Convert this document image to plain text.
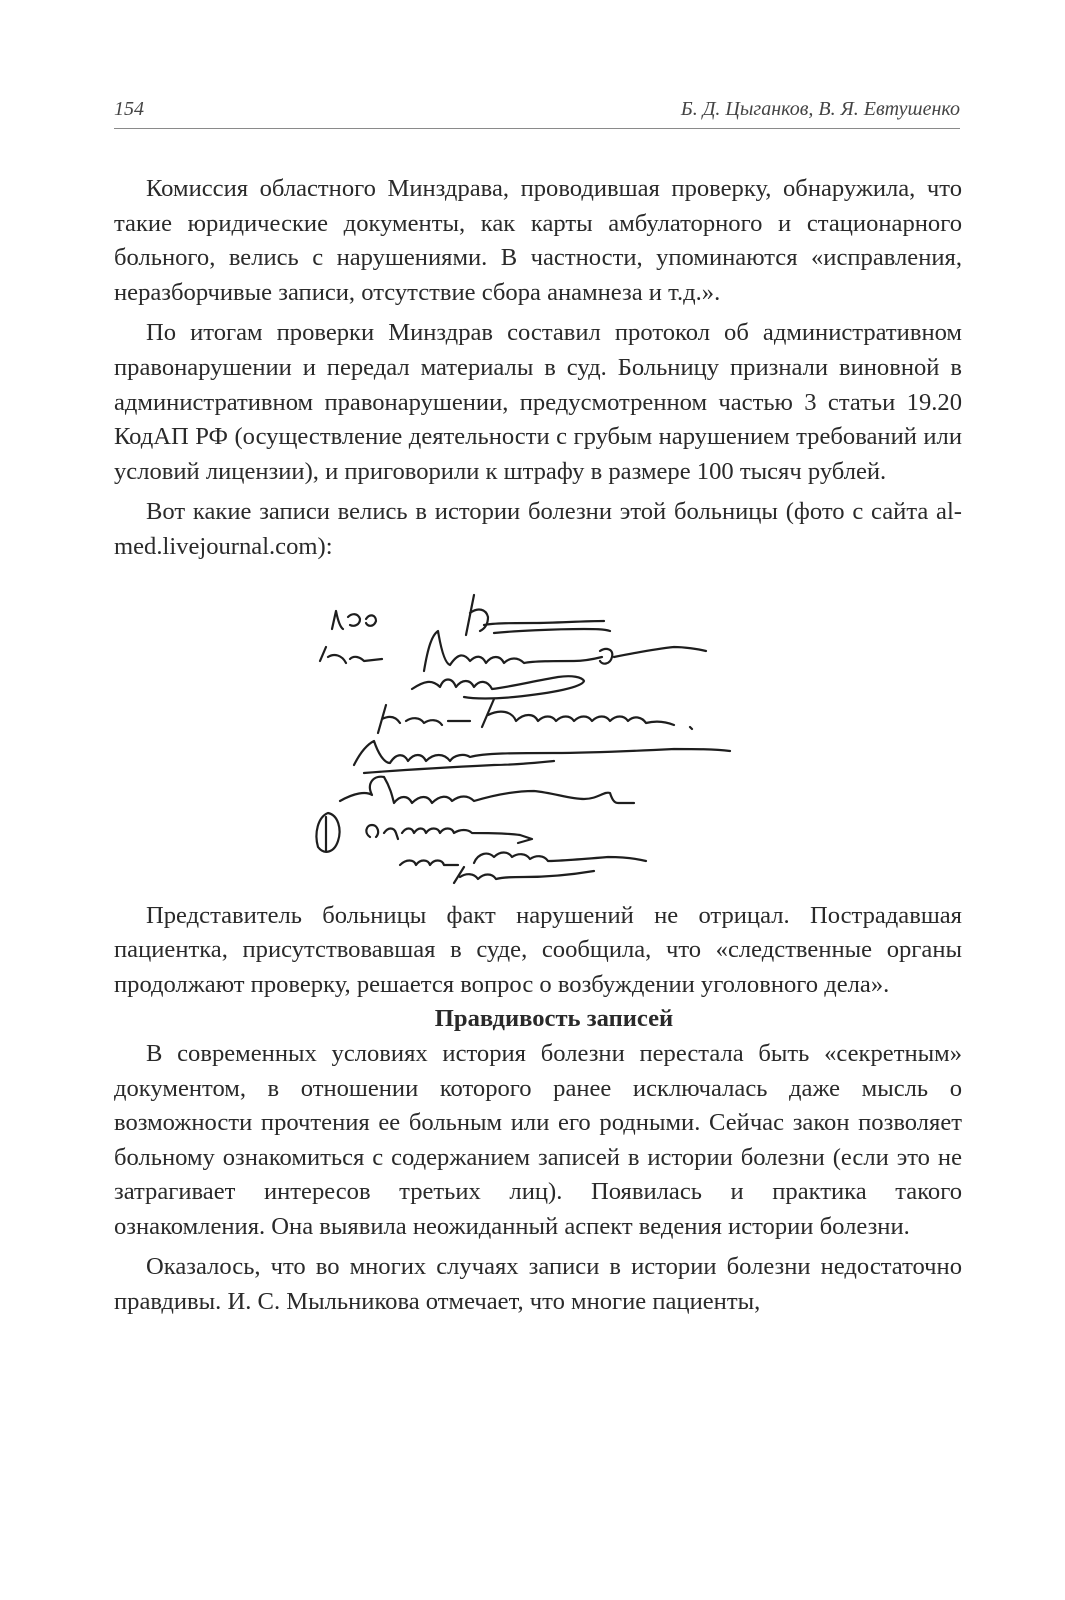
154	Б. Д. Цыганков, В. Я. Евтушенко

Комиссия областного Минздрава, проводившая проверку, обнаружила, что такие юридические документы, как карты амбулаторного и стационарного больного, велись с нарушениями. В частности, упоминаются «исправления, неразборчивые записи, отсутствие сбора анамнеза и т.д.».

По итогам проверки Минздрав составил протокол об административном правонарушении и передал материалы в суд. Больницу признали виновной в административном правонарушении, предусмотренном частью 3 статьи 19.20 КодАП РФ (осуществление деятельности с грубым нарушением требований или условий лицензии), и приговорили к штрафу в размере 100 тысяч рублей.

Вот какие записи велись в истории болезни этой больницы (фото с сайта al-med.livejournal.com):

Представитель больницы факт нарушений не отрицал. Пострадавшая пациентка, присутствовавшая в суде, сообщила, что «следственные органы продолжают проверку, решается вопрос о возбуждении уголовного дела».

Правдивость записей

В современных условиях история болезни перестала быть «секретным» документом, в отношении которого ранее исключалась даже мысль о возможности прочтения ее больным или его родными. Сейчас закон позволяет больному ознакомиться с содержанием записей в истории болезни (если это не затрагивает интересов третьих лиц). Появилась и практика такого ознакомления. Она выявила неожиданный аспект ведения истории болезни.

Оказалось, что во многих случаях записи в истории болезни недостаточно правдивы. И. С. Мыльникова отмечает, что многие пациенты,
